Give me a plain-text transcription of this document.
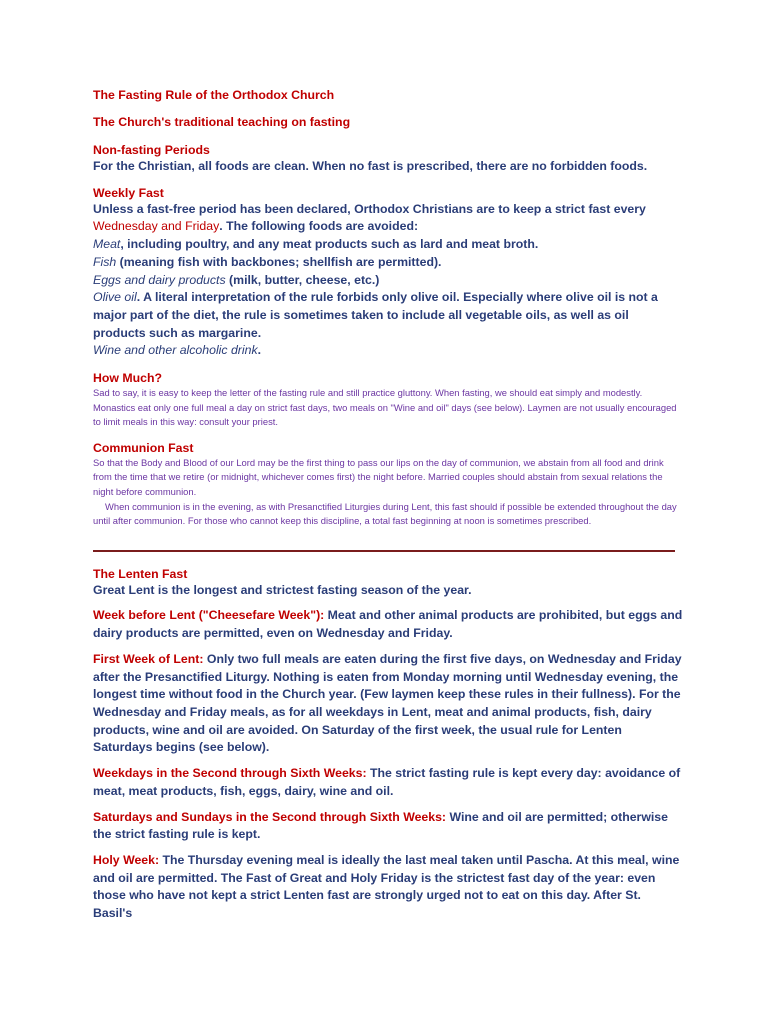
The Fasting Rule of the Orthodox Church

The Church's traditional teaching on fasting

Non-fasting Periods

For the Christian, all foods are clean. When no fast is prescribed, there are no forbidden foods.

Weekly Fast

Unless a fast-free period has been declared, Orthodox Christians are to keep a strict fast every
Wednesday and Friday. The following foods are avoided:

Meat, including poultry, and any meat products such as lard and meat broth.

Fish (meaning fish with backbones; shellfish are permitted).

Eggs and dairy products (milk, butter, cheese, etc.)

Olive oil. A literal interpretation of the rule forbids only olive oil. Especially where olive oil is not a major part of the diet, the rule is sometimes taken to include all vegetable oils, as well as oil products such as margarine.

Wine and other alcoholic drink.

How Much?

Sad to say, it is easy to keep the letter of the fasting rule and still practice gluttony. When fasting, we should eat simply and modestly. Monastics eat only one full meal a day on strict fast days, two meals on "Wine and oil" days (see below). Laymen are not usually encouraged to limit meals in this way: consult your priest.

Communion Fast

So that the Body and Blood of our Lord may be the first thing to pass our lips on the day of communion, we abstain from all food and drink from the time that we retire (or midnight, whichever comes first) the night before. Married couples should abstain from sexual relations the night before communion.

When communion is in the evening, as with Presanctified Liturgies during Lent, this fast should if possible be extended throughout the day until after communion. For those who cannot keep this discipline, a total fast beginning at noon is sometimes prescribed.

The Lenten Fast

Great Lent is the longest and strictest fasting season of the year.

Week before Lent ("Cheesefare Week"): Meat and other animal products are prohibited, but eggs and dairy products are permitted, even on Wednesday and Friday.

First Week of Lent: Only two full meals are eaten during the first five days, on Wednesday and Friday after the Presanctified Liturgy. Nothing is eaten from Monday morning until Wednesday evening, the longest time without food in the Church year. (Few laymen keep these rules in their fullness). For the Wednesday and Friday meals, as for all weekdays in Lent, meat and animal products, fish, dairy products, wine and oil are avoided. On Saturday of the first week, the usual rule for Lenten Saturdays begins (see below).

Weekdays in the Second through Sixth Weeks: The strict fasting rule is kept every day: avoidance of meat, meat products, fish, eggs, dairy, wine and oil.

Saturdays and Sundays in the Second through Sixth Weeks: Wine and oil are permitted; otherwise the strict fasting rule is kept.

Holy Week: The Thursday evening meal is ideally the last meal taken until Pascha. At this meal, wine and oil are permitted. The Fast of Great and Holy Friday is the strictest fast day of the year: even those who have not kept a strict Lenten fast are strongly urged not to eat on this day. After St. Basil's
